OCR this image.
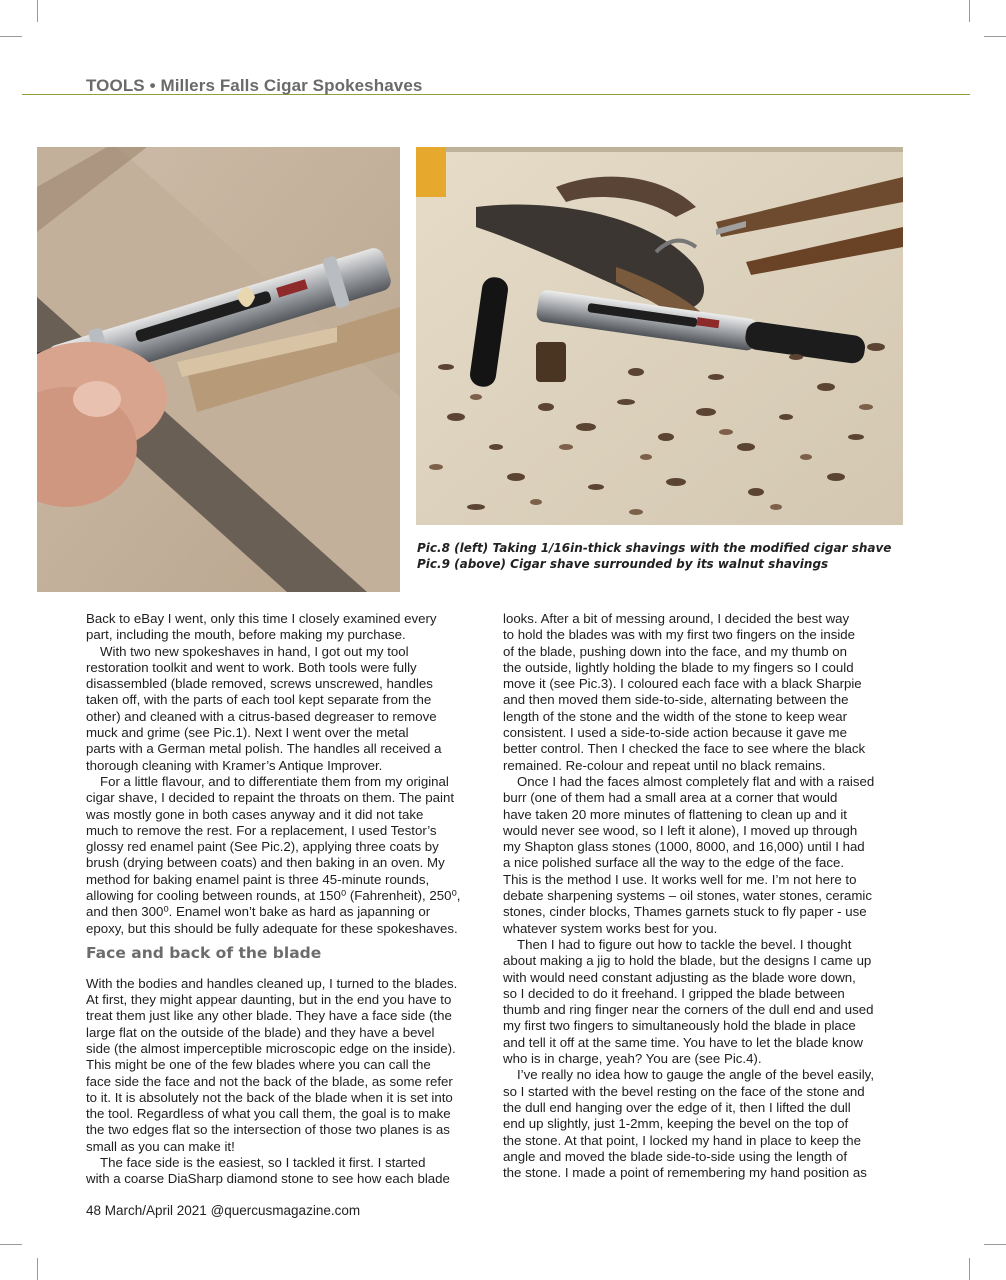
TOOLS • Millers Falls Cigar Spokeshaves
Pic.8 (left) Taking 1/16in-thick shavings with the modified cigar shave
Pic.9 (above) Cigar shave surrounded by its walnut shavings
Back to eBay I went, only this time I closely examined every
part, including the mouth, before making my purchase.
With two new spokeshaves in hand, I got out my tool
restoration toolkit and went to work. Both tools were fully
disassembled (blade removed, screws unscrewed, handles
taken off, with the parts of each tool kept separate from the
other) and cleaned with a citrus-based degreaser to remove
muck and grime (see Pic.1). Next I went over the metal
parts with a German metal polish. The handles all received a
thorough cleaning with Kramer’s Antique Improver.
For a little flavour, and to differentiate them from my original
cigar shave, I decided to repaint the throats on them. The paint
was mostly gone in both cases anyway and it did not take
much to remove the rest. For a replacement, I used Testor’s
glossy red enamel paint (See Pic.2), applying three coats by
brush (drying between coats) and then baking in an oven. My
method for baking enamel paint is three 45-minute rounds,
allowing for cooling between rounds, at 150⁰ (Fahrenheit), 250⁰,
and then 300⁰. Enamel won’t bake as hard as japanning or
epoxy, but this should be fully adequate for these spokeshaves.
Face and back of the blade
With the bodies and handles cleaned up, I turned to the blades.
At first, they might appear daunting, but in the end you have to
treat them just like any other blade. They have a face side (the
large flat on the outside of the blade) and they have a bevel
side (the almost imperceptible microscopic edge on the inside).
This might be one of the few blades where you can call the
face side the face and not the back of the blade, as some refer
to it. It is absolutely not the back of the blade when it is set into
the tool. Regardless of what you call them, the goal is to make
the two edges flat so the intersection of those two planes is as
small as you can make it!
The face side is the easiest, so I tackled it first. I started
with a coarse DiaSharp diamond stone to see how each blade
looks. After a bit of messing around, I decided the best way
to hold the blades was with my first two fingers on the inside
of the blade, pushing down into the face, and my thumb on
the outside, lightly holding the blade to my fingers so I could
move it (see Pic.3). I coloured each face with a black Sharpie
and then moved them side-to-side, alternating between the
length of the stone and the width of the stone to keep wear
consistent. I used a side-to-side action because it gave me
better control. Then I checked the face to see where the black
remained. Re-colour and repeat until no black remains.
Once I had the faces almost completely flat and with a raised
burr (one of them had a small area at a corner that would
have taken 20 more minutes of flattening to clean up and it
would never see wood, so I left it alone), I moved up through
my Shapton glass stones (1000, 8000, and 16,000) until I had
a nice polished surface all the way to the edge of the face.
This is the method I use. It works well for me. I’m not here to
debate sharpening systems – oil stones, water stones, ceramic
stones, cinder blocks, Thames garnets stuck to fly paper - use
whatever system works best for you.
Then I had to figure out how to tackle the bevel. I thought
about making a jig to hold the blade, but the designs I came up
with would need constant adjusting as the blade wore down,
so I decided to do it freehand. I gripped the blade between
thumb and ring finger near the corners of the dull end and used
my first two fingers to simultaneously hold the blade in place
and tell it off at the same time. You have to let the blade know
who is in charge, yeah? You are (see Pic.4).
I’ve really no idea how to gauge the angle of the bevel easily,
so I started with the bevel resting on the face of the stone and
the dull end hanging over the edge of it, then I lifted the dull
end up slightly, just 1-2mm, keeping the bevel on the top of
the stone. At that point, I locked my hand in place to keep the
angle and moved the blade side-to-side using the length of
the stone. I made a point of remembering my hand position as

48 March/April 2021 @quercusmagazine.com
